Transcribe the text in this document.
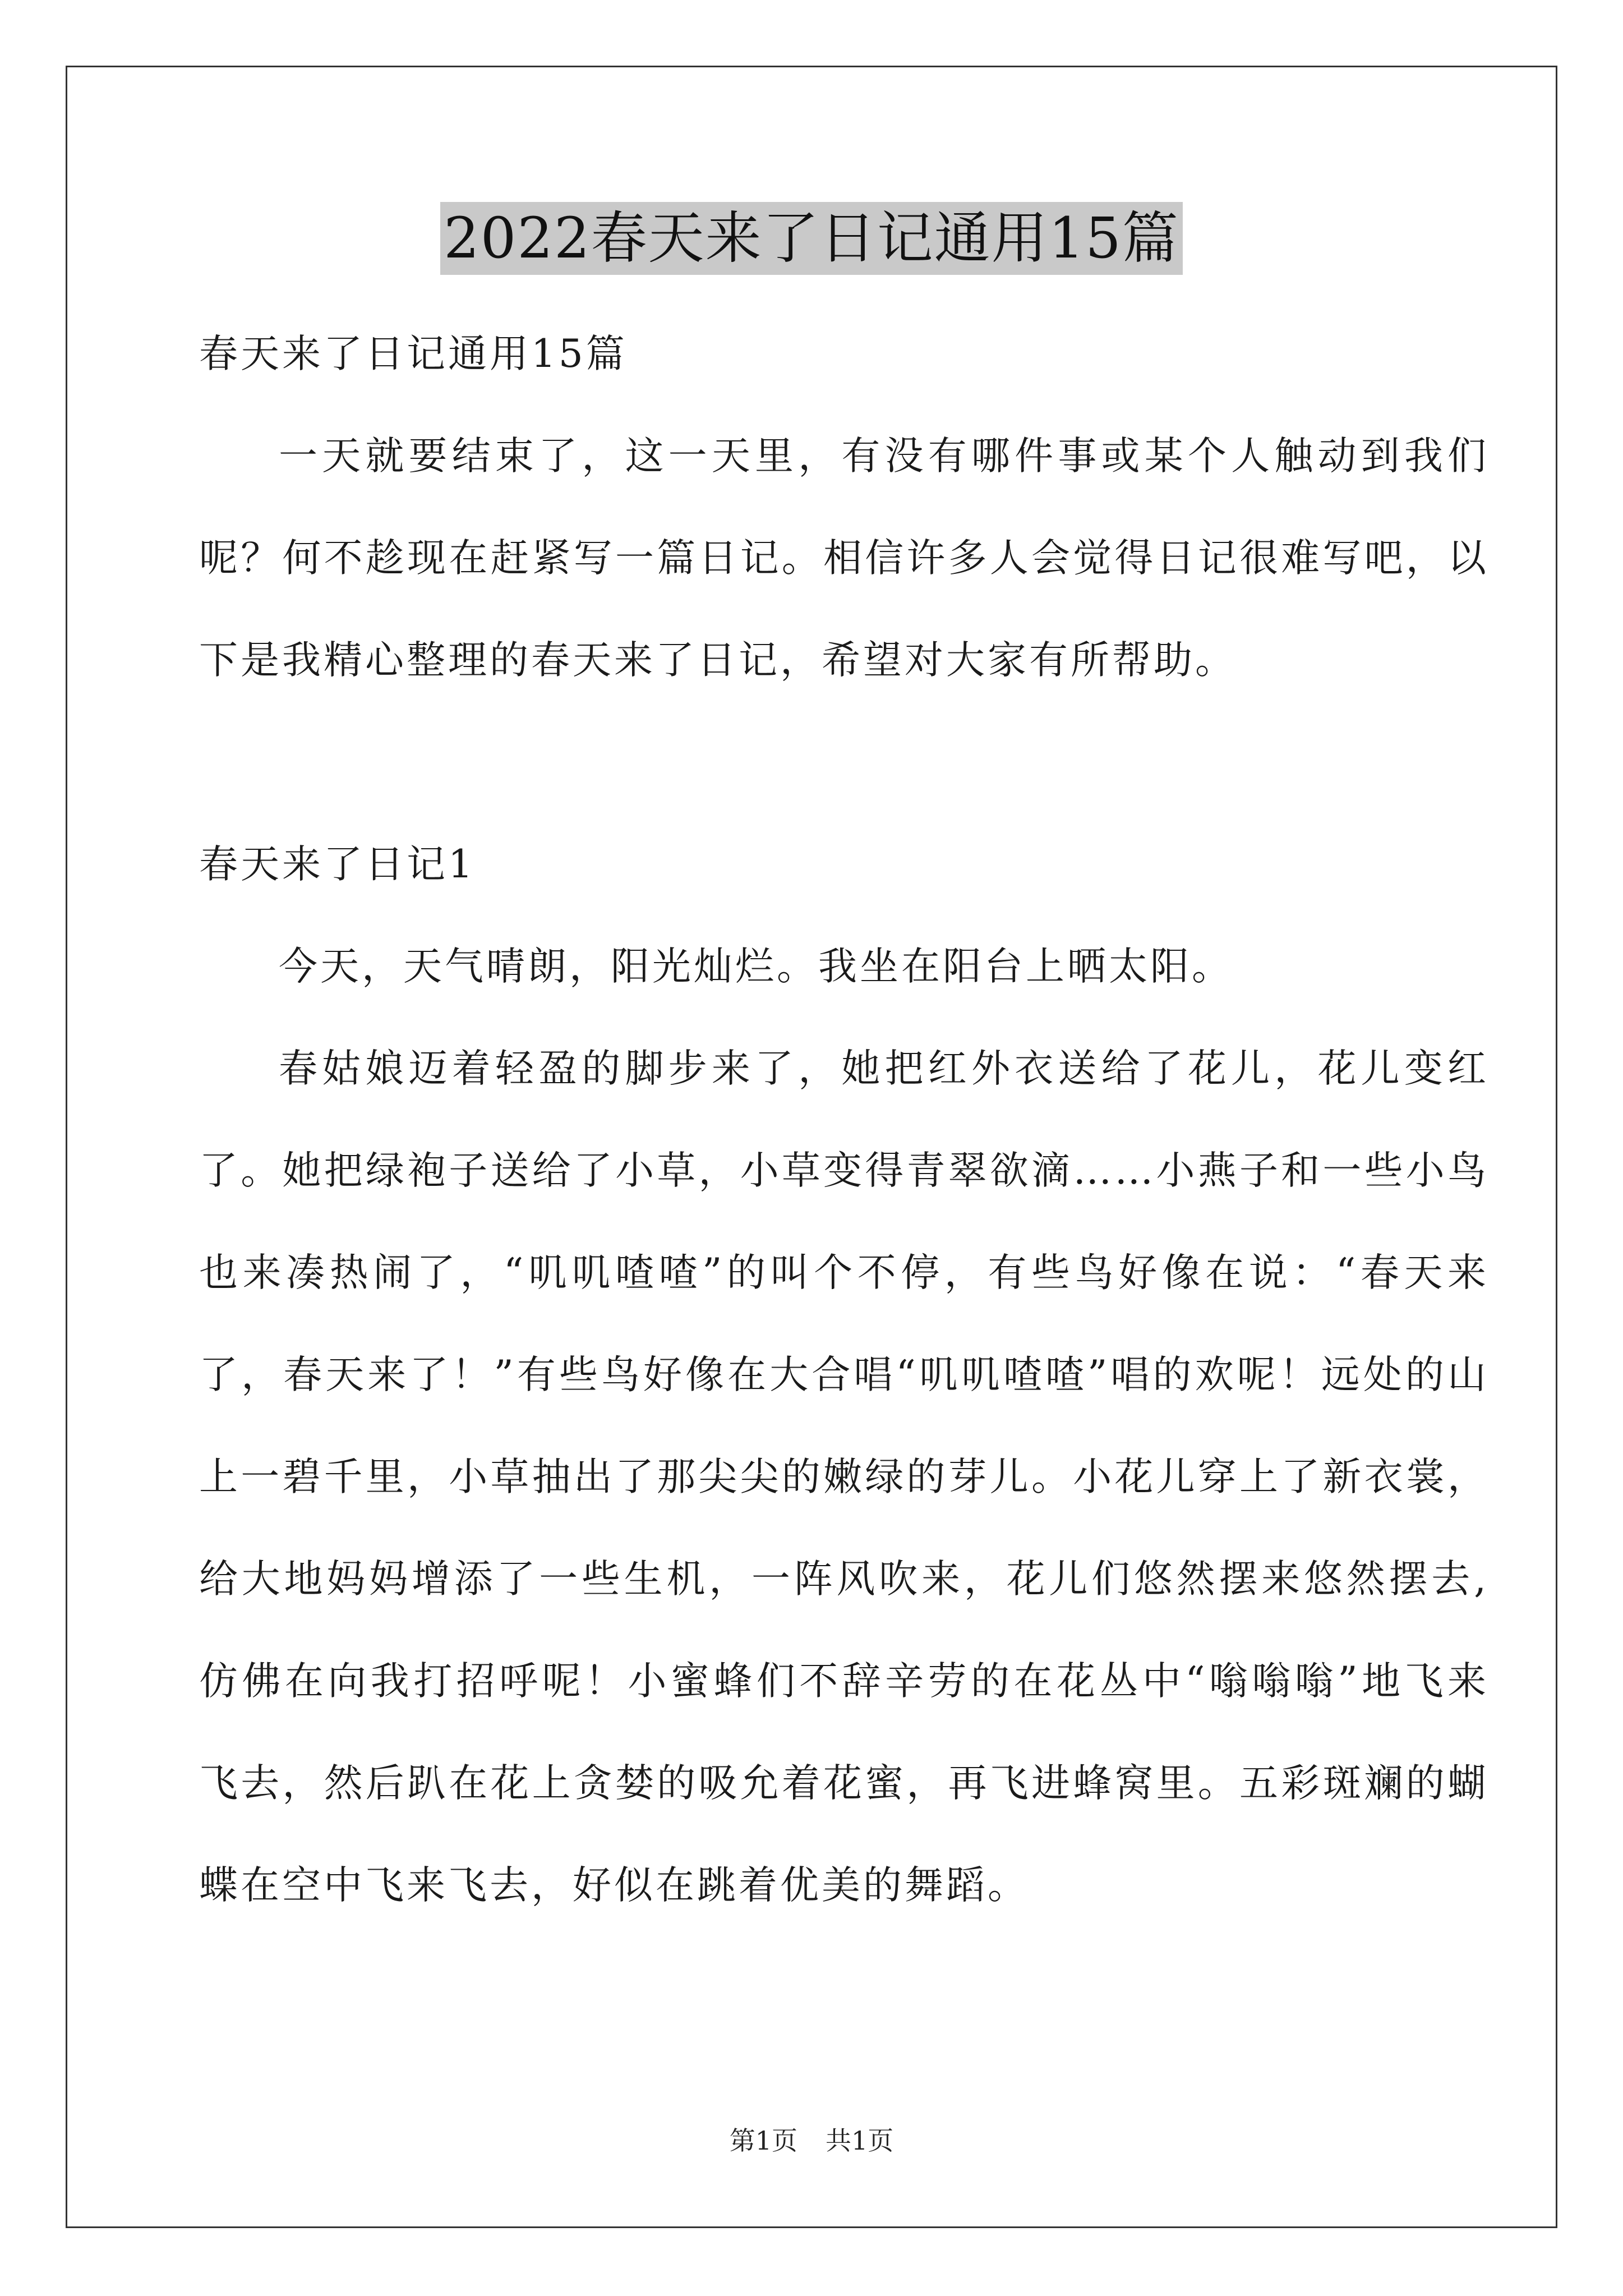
2022春天来了日记通用15篇

春天来了日记通用15篇

一天就要结束了，这一天里，有没有哪件事或某个人触动到我们呢？何不趁现在赶紧写一篇日记。相信许多人会觉得日记很难写吧，以下是我精心整理的春天来了日记，希望对大家有所帮助。

春天来了日记1

今天，天气晴朗，阳光灿烂。我坐在阳台上晒太阳。

春姑娘迈着轻盈的脚步来了，她把红外衣送给了花儿，花儿变红了。她把绿袍子送给了小草，小草变得青翠欲滴……小燕子和一些小鸟也来凑热闹了，“叽叽喳喳”的叫个不停，有些鸟好像在说：“春天来了，春天来了！”有些鸟好像在大合唱“叽叽喳喳”唱的欢呢！远处的山上一碧千里，小草抽出了那尖尖的嫩绿的芽儿。小花儿穿上了新衣裳，给大地妈妈增添了一些生机，一阵风吹来，花儿们悠然摆来悠然摆去,仿佛在向我打招呼呢！小蜜蜂们不辞辛劳的在花丛中“嗡嗡嗡”地飞来飞去，然后趴在花上贪婪的吸允着花蜜，再飞进蜂窝里。五彩斑斓的蝴蝶在空中飞来飞去，好似在跳着优美的舞蹈。

第1页 共1页
